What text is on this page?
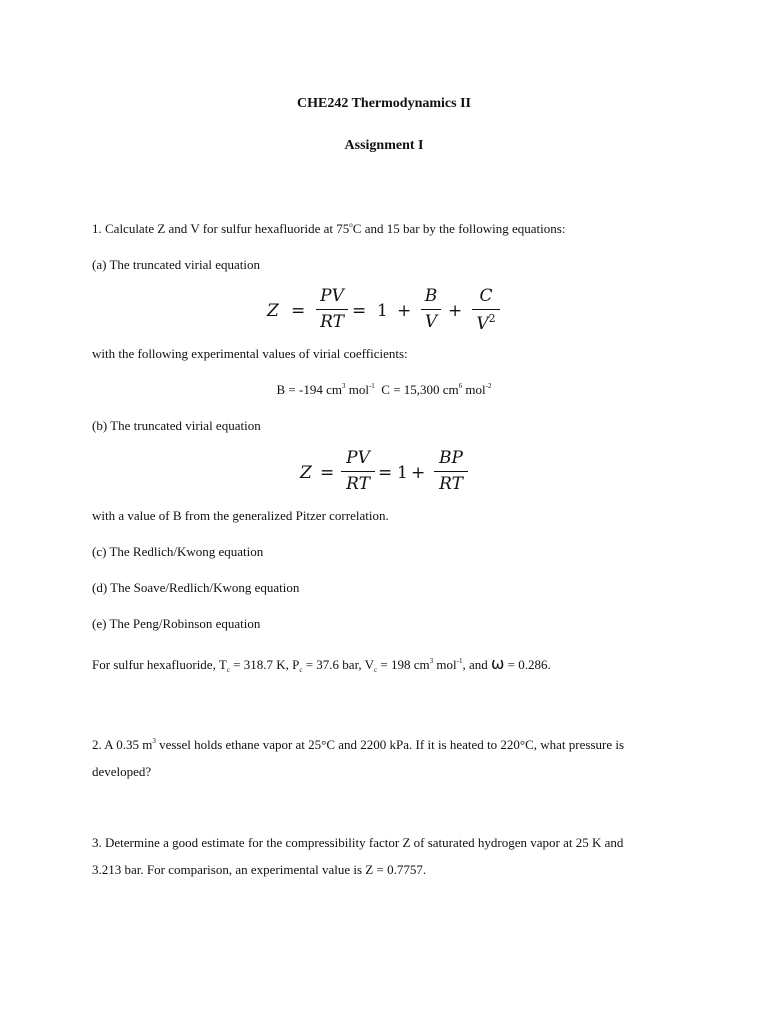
CHE242 Thermodynamics II
Assignment I
1. Calculate Z and V for sulfur hexafluoride at 75$^o$C and 15 bar by the following equations:
(a) The truncated virial equation
Z =
PV
RT
= 1 +
B
V
+
C
$V^2$
with the following experimental values of virial coefficients:
B = -194 $cm^3$ mol$^{-1}$ C = 15,300 $cm^6$ mol$^{-2}$
(b) The truncated virial equation
Z =
PV
RT
= 1 +
BP
RT
with a value of B from the generalized Pitzer correlation.
(c) The Redlich/Kwong equation
(d) The Soave/Redlich/Kwong equation
(e) The Peng/Robinson equation
For sulfur hexafluoride, $T_c = 318.7$ K, $P_c = 37.6$ bar, $V_c = 198$ $cm^3$ mol$^{-1}$, and ω = 0.286.
2. A 0.35 $m^3$ vessel holds ethane vapor at 25°C and 2200 kPa. If it is heated to 220°C, what pressure is
developed?
3. Determine a good estimate for the compressibility factor Z of saturated hydrogen vapor at 25 K and
3.213 bar. For comparison, an experimental value is Z = 0.7757.
